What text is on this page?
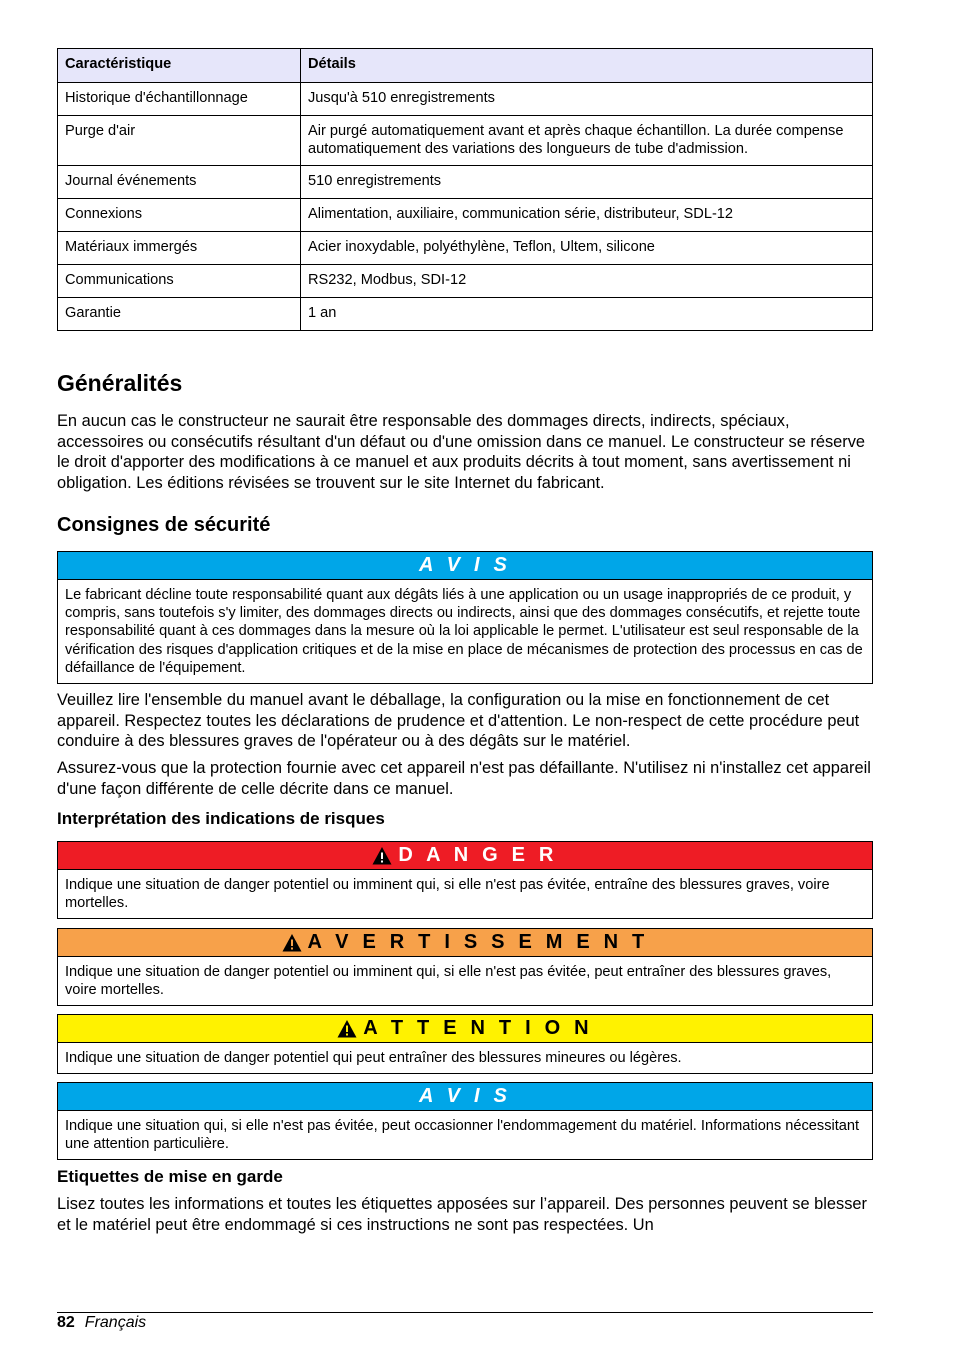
Caractéristique	Détails
Historique d'échantillonnage	Jusqu'à 510 enregistrements
Purge d'air	Air purgé automatiquement avant et après chaque échantillon. La durée compense automatiquement des variations des longueurs de tube d'admission.
Journal événements	510 enregistrements
Connexions	Alimentation, auxiliaire, communication série, distributeur, SDL-12
Matériaux immergés	Acier inoxydable, polyéthylène, Teflon, Ultem, silicone
Communications	RS232, Modbus, SDI-12
Garantie	1 an
Généralités

En aucun cas le constructeur ne saurait être responsable des dommages directs, indirects, spéciaux, accessoires ou consécutifs résultant d'un défaut ou d'une omission dans ce manuel. Le constructeur se réserve le droit d'apporter des modifications à ce manuel et aux produits décrits à tout moment, sans avertissement ni obligation. Les éditions révisées se trouvent sur le site Internet du fabricant.

Consignes de sécurité
A V I S
Le fabricant décline toute responsabilité quant aux dégâts liés à une application ou un usage inappropriés de ce produit, y compris, sans toutefois s'y limiter, des dommages directs ou indirects, ainsi que des dommages consécutifs, et rejette toute responsabilité quant à ces dommages dans la mesure où la loi applicable le permet. L'utilisateur est seul responsable de la vérification des risques d'application critiques et de la mise en place de mécanismes de protection des processus en cas de défaillance de l'équipement.

Veuillez lire l'ensemble du manuel avant le déballage, la configuration ou la mise en fonctionnement de cet appareil. Respectez toutes les déclarations de prudence et d'attention. Le non-respect de cette procédure peut conduire à des blessures graves de l'opérateur ou à des dégâts sur le matériel.

Assurez-vous que la protection fournie avec cet appareil n'est pas défaillante. N'utilisez ni n'installez cet appareil d'une façon différente de celle décrite dans ce manuel.

Interprétation des indications de risques
D A N G E R
Indique une situation de danger potentiel ou imminent qui, si elle n'est pas évitée, entraîne des blessures graves, voire mortelles.
A V E R T I S S E M E N T
Indique une situation de danger potentiel ou imminent qui, si elle n'est pas évitée, peut entraîner des blessures graves, voire mortelles.
A T T E N T I O N
Indique une situation de danger potentiel qui peut entraîner des blessures mineures ou légères.
A V I S
Indique une situation qui, si elle n'est pas évitée, peut occasionner l'endommagement du matériel. Informations nécessitant une attention particulière.
Etiquettes de mise en garde

Lisez toutes les informations et toutes les étiquettes apposées sur l’appareil. Des personnes peuvent se blesser et le matériel peut être endommagé si ces instructions ne sont pas respectées. Un

82 Français
